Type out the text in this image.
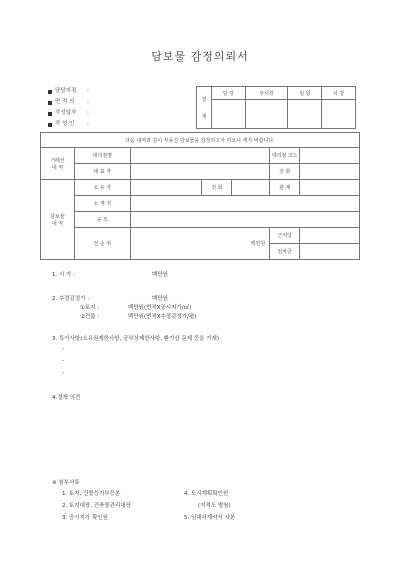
담보물 감정의뢰서
담당지점	:
면 적 의	:
작성일자	:
작 성 인	:
결
재	담 당	부서장	임 원	사 장

다음 내역과 같이 부동산 담보물을 감정하고자 하오니 재가 바랍니다.						
거래선
내 역	대리점명				대리점 코드	
	대 표 자				전 화	
담보물
내 역	소 유 자		전 화		관 계	
	소 재 지					
	규 모					
	선 순 위	백만원			근저당	
					임차금	
1. 시 가 :	백만원
2. 추정감정가 :	백만원
①토지 :	백만원(면적X공시지가/㎡)
②건물 :	백만원(면적X추정감정가/평)
3. 특이사항(소유권제한사항, 공부상제한사항, 환가상 문제 등을 기재)
-
-
-
4.결재 의견
※ 첨부서류
1. 토지, 건물등기부등본
2. 토지대장, 건축물관리대장
3. 공시지가 확인원
4. 도시계획확인원
(지적도 별첨)
5. 임대차계약서 사본
